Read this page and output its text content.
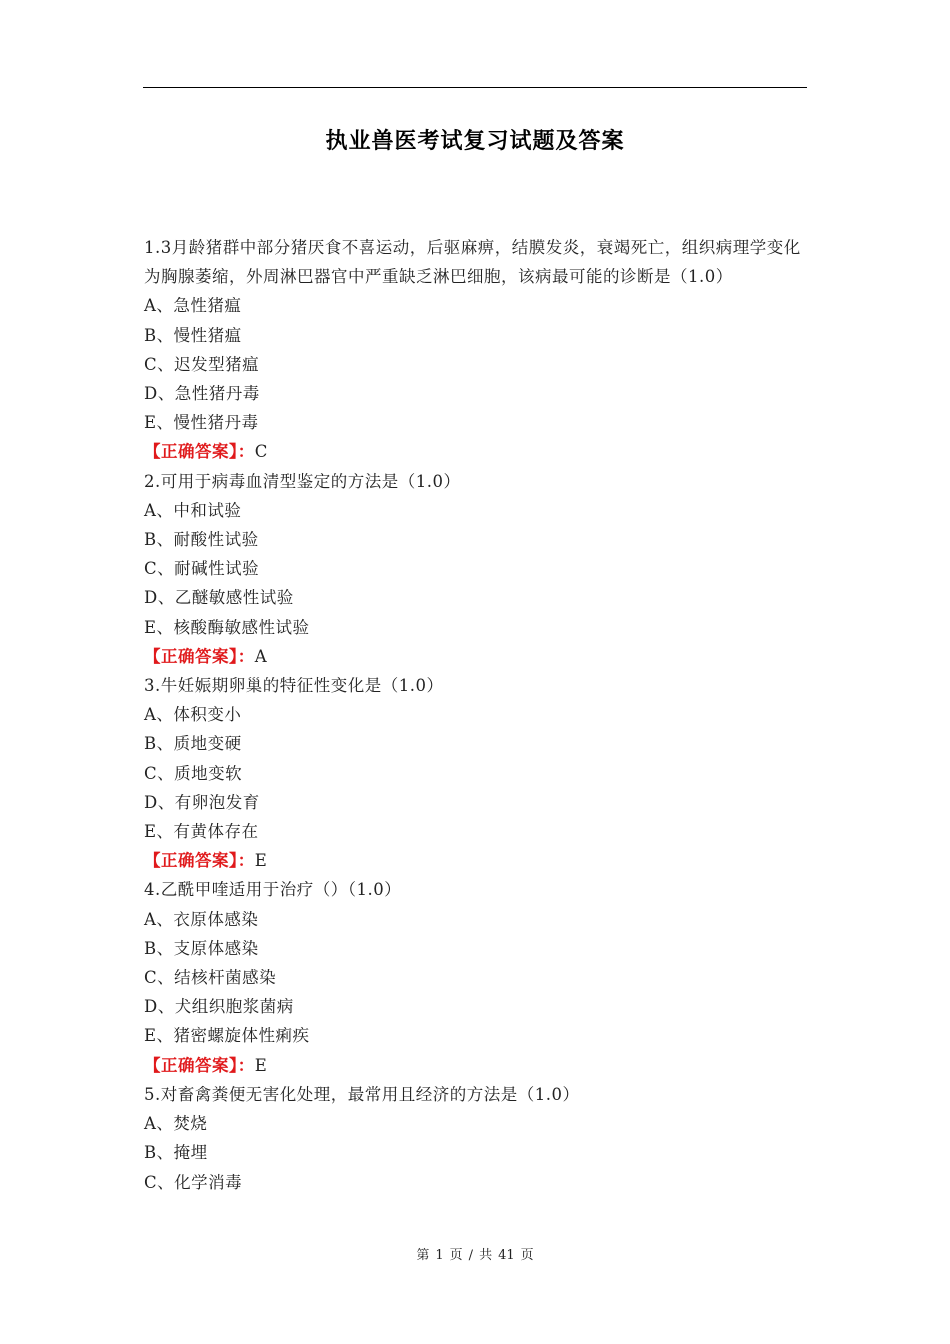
执业兽医考试复习试题及答案
1.3月龄猪群中部分猪厌食不喜运动，后驱麻痹，结膜发炎，衰竭死亡，组织病理学变化为胸腺萎缩，外周淋巴器官中严重缺乏淋巴细胞，该病最可能的诊断是（1.0）
A、急性猪瘟
B、慢性猪瘟
C、迟发型猪瘟
D、急性猪丹毒
E、慢性猪丹毒
【正确答案】：C
2.可用于病毒血清型鉴定的方法是（1.0）
A、中和试验
B、耐酸性试验
C、耐碱性试验
D、乙醚敏感性试验
E、核酸酶敏感性试验
【正确答案】：A
3.牛妊娠期卵巢的特征性变化是（1.0）
A、体积变小
B、质地变硬
C、质地变软
D、有卵泡发育
E、有黄体存在
【正确答案】：E
4.乙酰甲喹适用于治疗（）（1.0）
A、衣原体感染
B、支原体感染
C、结核杆菌感染
D、犬组织胞浆菌病
E、猪密螺旋体性痢疾
【正确答案】：E
5.对畜禽粪便无害化处理，最常用且经济的方法是（1.0）
A、焚烧
B、掩埋
C、化学消毒
第 1 页 / 共 41 页
